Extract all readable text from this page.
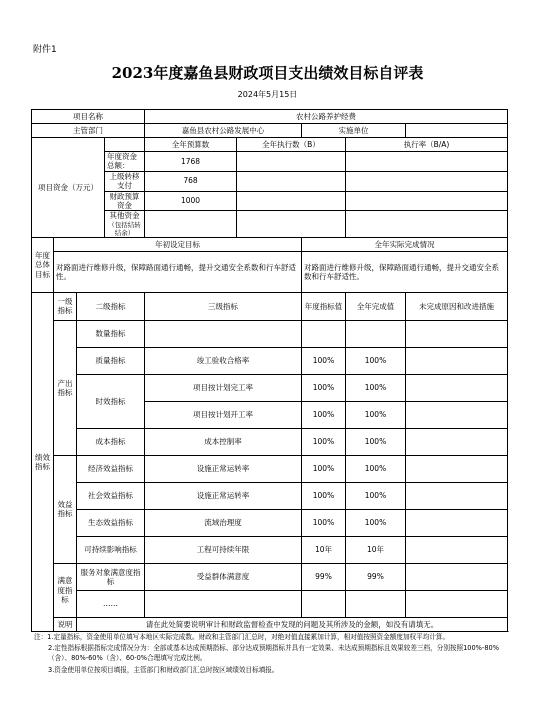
附件1
2023年度嘉鱼县财政项目支出绩效目标自评表
2024年5月15日
项目名称				农村公路养护经费				
主管部门				嘉鱼县农村公路发展中心		实施单位		
项目资金（万元）				全年预算数	全年执行数（B）		执行率（B/A)	
			年度资金总额：	1768				
			上级转移支付	768				
			财政预算资金	1000				

			其他资金
（包括结转结余）					

年度总体目标	年初设定目标					全年实际完成情况		
	对路面进行维修升级，保障路面通行通畅，提升交通安全系数和行车舒适性。					对路面进行维修升级，保障路面通行通畅，提升交通安全系数和行车舒适性。		
绩效指标	一级指标	二级指标		三级指标		年度指标值	全年完成值	未完成原因和改进措施
	产出指标	数量指标						
		质量指标		竣工验收合格率		100%	100%	
		时效指标		项目按计划完工率		100%	100%	
				项目按计划开工率		100%	100%	
		成本指标		成本控制率		100%	100%	
	效益指标	经济效益指标		设施正常运转率		100%	100%	
		社会效益指标		设施正常运转率		100%	100%	
		生态效益指标		流域治理度		100%	100%	
		可持续影响指标		工程可持续年限		10年	10年	
	满意度指标	服务对象满意度指标		受益群体满意度		99%	99%	
		……						
	说明	请在此处简要说明审计和财政监督检查中发现的问题及其所涉及的金额，如没有请填无。						

注：1.定量指标，资金使用单位填写本地区实际完成数。财政和主管部门汇总时，对绝对值直接累加计算，相对值按照资金额度加权平均计算。

2.定性指标根据指标完成情况分为：全部或基本达成预期指标、部分达成预期指标并具有一定效果、未达成预期指标且效果较差三档，分别按照100%-80%（含）、80%-60%（含）、60-0%合理填写完成比例。

3.资金使用单位按项目填报，主管部门和财政部门汇总时按区域绩效目标填报。
